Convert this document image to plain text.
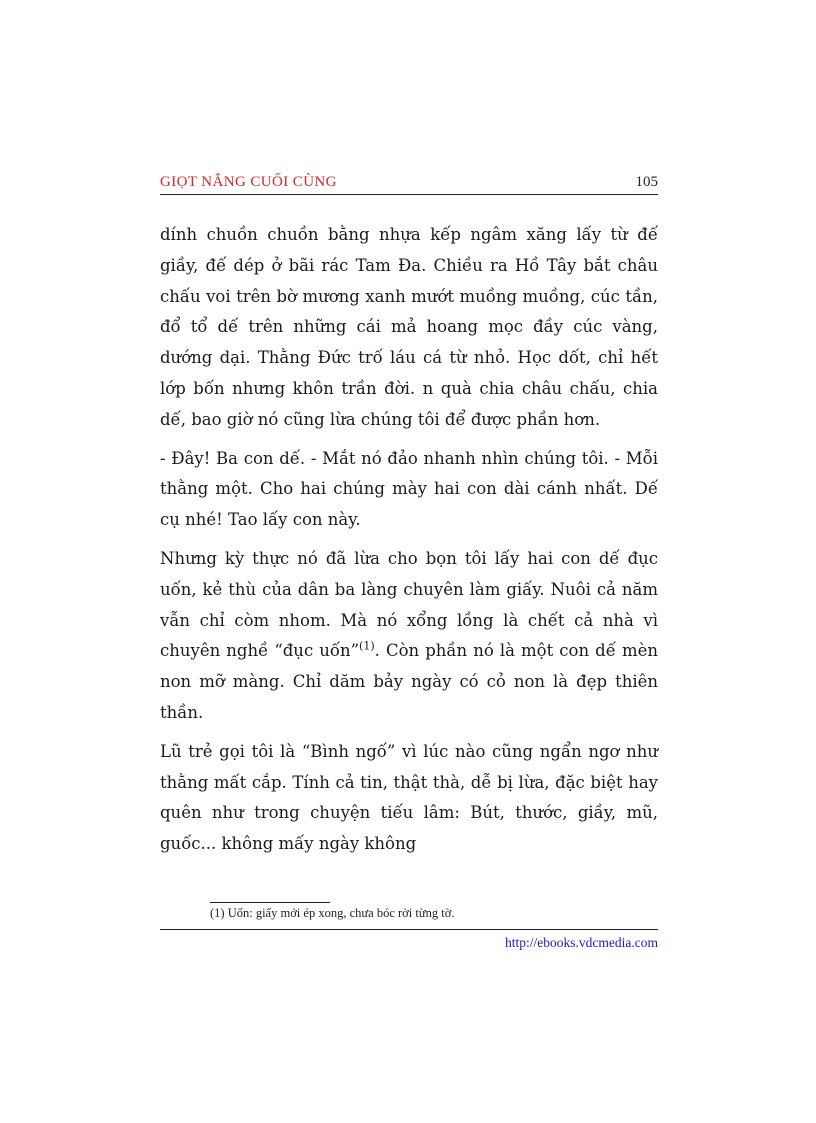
GIỌT NẮNG CUỐI CÙNG	105

dính chuồn chuồn bằng nhựa kếp ngâm xăng lấy từ đế giầy, đế dép ở bãi rác Tam Đa. Chiều ra Hồ Tây bắt châu chấu voi trên bờ mương xanh mướt muồng muồng, cúc tần, đổ tổ dế trên những cái mả hoang mọc đầy cúc vàng, dướng dại. Thằng Đức trố láu cá từ nhỏ. Học dốt, chỉ hết lớp bốn nhưng khôn trần đời. n quà chia châu chấu, chia dế, bao giờ nó cũng lừa chúng tôi để được phần hơn.

- Đây! Ba con dế. - Mắt nó đảo nhanh nhìn chúng tôi. - Mỗi thằng một. Cho hai chúng mày hai con dài cánh nhất. Dế cụ nhé! Tao lấy con này.

Nhưng kỳ thực nó đã lừa cho bọn tôi lấy hai con dế đục uốn, kẻ thù của dân ba làng chuyên làm giấy. Nuôi cả năm vẫn chỉ còm nhom. Mà nó xổng lồng là chết cả nhà vì chuyên nghề “đục uốn”$^{(1)}$. Còn phần nó là một con dế mèn non mỡ màng. Chỉ dăm bảy ngày có cỏ non là đẹp thiên thần.

Lũ trẻ gọi tôi là “Bình ngố” vì lúc nào cũng ngẩn ngơ như thằng mất cắp. Tính cả tin, thật thà, dễ bị lừa, đặc biệt hay quên như trong chuyện tiếu lâm: Bút, thước, giầy, mũ, guốc... không mấy ngày không

(1) Uốn: giấy mới ép xong, chưa bóc rời từng tờ.
http://ebooks.vdcmedia.com
